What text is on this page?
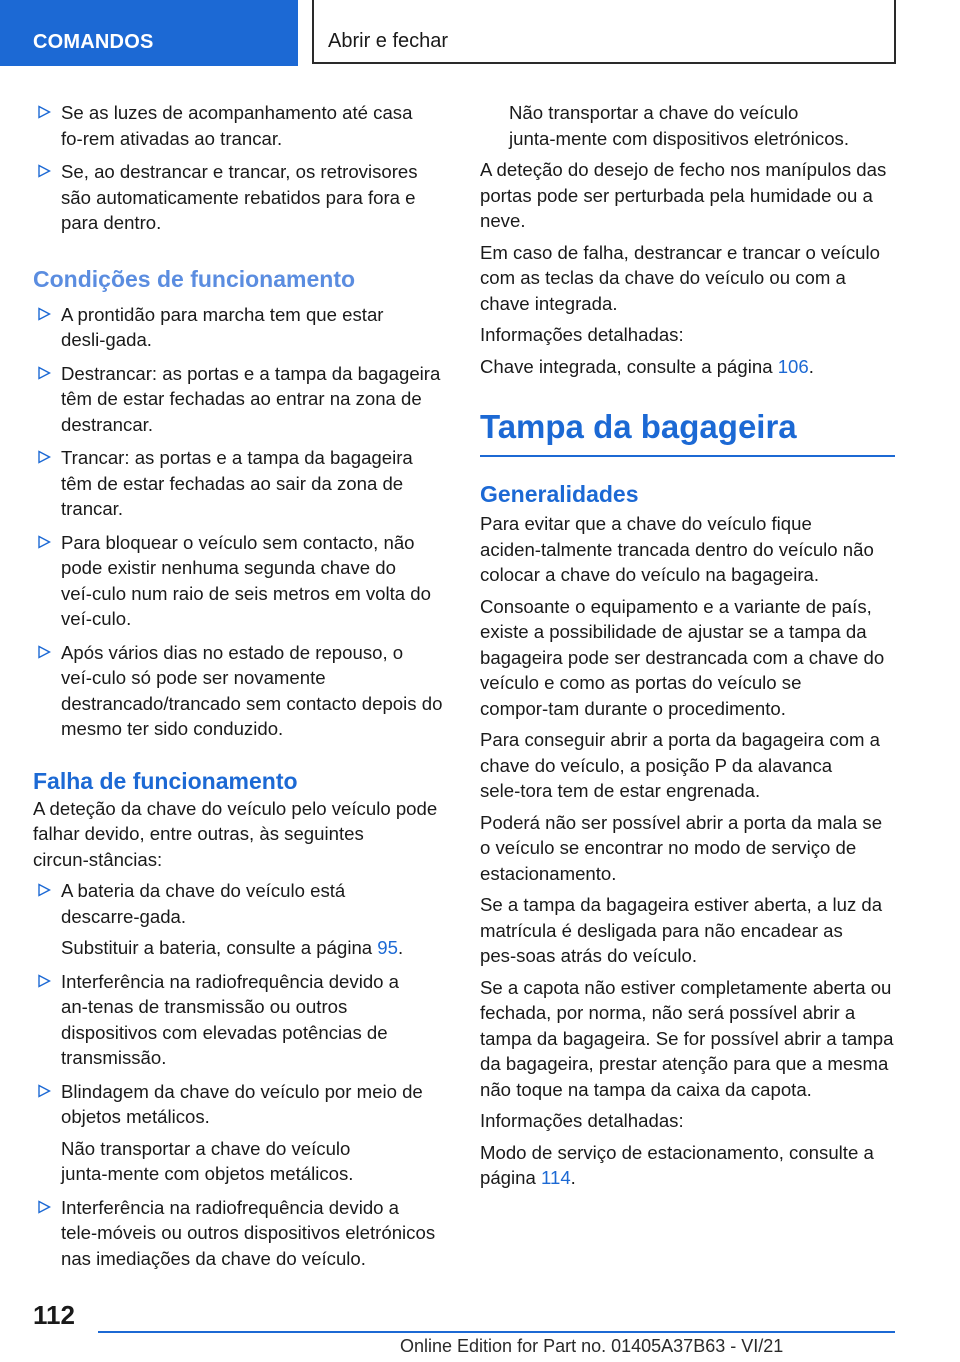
COMANDOS	Abrir e fechar
Se as luzes de acompanhamento até casa fo‑rem ativadas ao trancar.
Se, ao destrancar e trancar, os retrovisores são automaticamente rebatidos para fora e para dentro.
Condições de funcionamento
A prontidão para marcha tem que estar desli‑gada.
Destrancar: as portas e a tampa da bagageira têm de estar fechadas ao entrar na zona de destrancar.
Trancar: as portas e a tampa da bagageira têm de estar fechadas ao sair da zona de trancar.
Para bloquear o veículo sem contacto, não pode existir nenhuma segunda chave do veí‑culo num raio de seis metros em volta do veí‑culo.
Após vários dias no estado de repouso, o veí‑culo só pode ser novamente destrancado/trancado sem contacto depois do mesmo ter sido conduzido.
Falha de funcionamento

A deteção da chave do veículo pelo veículo pode falhar devido, entre outras, às seguintes circun‑stâncias:

A bateria da chave do veículo está descarre‑gada.
Substituir a bateria, consulte a página 95.
Interferência na radiofrequência devido a an‑tenas de transmissão ou outros dispositivos com elevadas potências de transmissão.
Blindagem da chave do veículo por meio de objetos metálicos.
Não transportar a chave do veículo junta‑mente com objetos metálicos.
Interferência na radiofrequência devido a tele‑móveis ou outros dispositivos eletrónicos nas imediações da chave do veículo.
Não transportar a chave do veículo junta‑mente com dispositivos eletrónicos.

A deteção do desejo de fecho nos manípulos das portas pode ser perturbada pela humidade ou a neve.

Em caso de falha, destrancar e trancar o veículo com as teclas da chave do veículo ou com a chave integrada.

Informações detalhadas:

Chave integrada, consulte a página 106.

Tampa da bagageira
Generalidades

Para evitar que a chave do veículo fique aciden‑talmente trancada dentro do veículo não colocar a chave do veículo na bagageira.

Consoante o equipamento e a variante de país, existe a possibilidade de ajustar se a tampa da bagageira pode ser destrancada com a chave do veículo e como as portas do veículo se compor‑tam durante o procedimento.

Para conseguir abrir a porta da bagageira com a chave do veículo, a posição P da alavanca sele‑tora tem de estar engrenada.

Poderá não ser possível abrir a porta da mala se o veículo se encontrar no modo de serviço de estacionamento.

Se a tampa da bagageira estiver aberta, a luz da matrícula é desligada para não encadear as pes‑soas atrás do veículo.

Se a capota não estiver completamente aberta ou fechada, por norma, não será possível abrir a tampa da bagageira. Se for possível abrir a tampa da bagageira, prestar atenção para que a mesma não toque na tampa da caixa da capota.

Informações detalhadas:

Modo de serviço de estacionamento, consulte a página 114.

112
Online Edition for Part no. 01405A37B63 - VI/21
